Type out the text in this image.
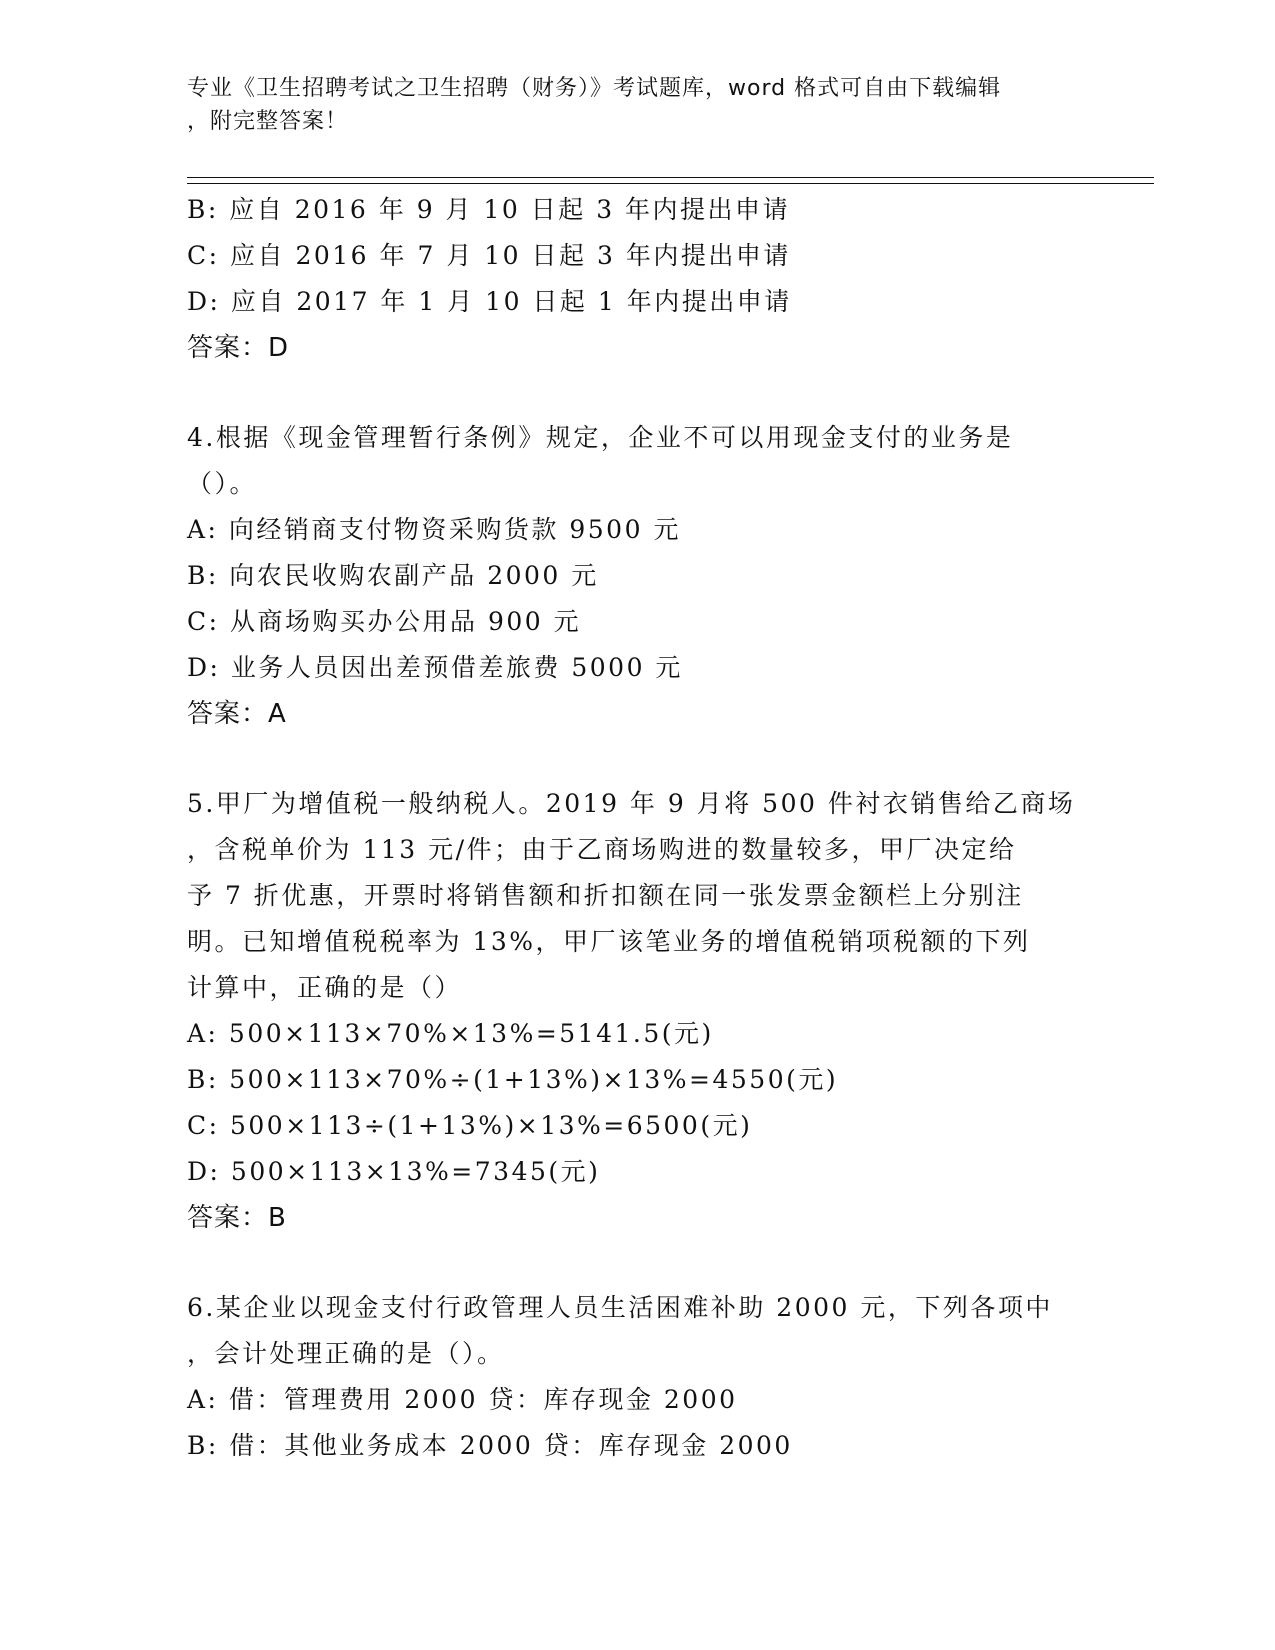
专业《卫生招聘考试之卫生招聘（财务）》考试题库，word 格式可自由下载编辑
，附完整答案！
B: 应自 2016 年 9 月 10 日起 3 年内提出申请
C: 应自 2016 年 7 月 10 日起 3 年内提出申请
D: 应自 2017 年 1 月 10 日起 1 年内提出申请
答案：D
4.根据《现金管理暂行条例》规定，企业不可以用现金支付的业务是
（）。
A: 向经销商支付物资采购货款 9500 元
B: 向农民收购农副产品 2000 元
C: 从商场购买办公用品 900 元
D: 业务人员因出差预借差旅费 5000 元
答案：A
5.甲厂为增值税一般纳税人。2019 年 9 月将 500 件衬衣销售给乙商场
，含税单价为 113 元/件；由于乙商场购进的数量较多，甲厂决定给
予 7 折优惠，开票时将销售额和折扣额在同一张发票金额栏上分别注
明。已知增值税税率为 13%，甲厂该笔业务的增值税销项税额的下列
计算中，正确的是（）
A: 500×113×70%×13%=5141.5(元)
B: 500×113×70%÷(1+13%)×13%=4550(元)
C: 500×113÷(1+13%)×13%=6500(元)
D: 500×113×13%=7345(元)
答案：B
6.某企业以现金支付行政管理人员生活困难补助 2000 元，下列各项中
，会计处理正确的是（）。
A: 借：管理费用 2000 贷：库存现金 2000
B: 借：其他业务成本 2000 贷：库存现金 2000
